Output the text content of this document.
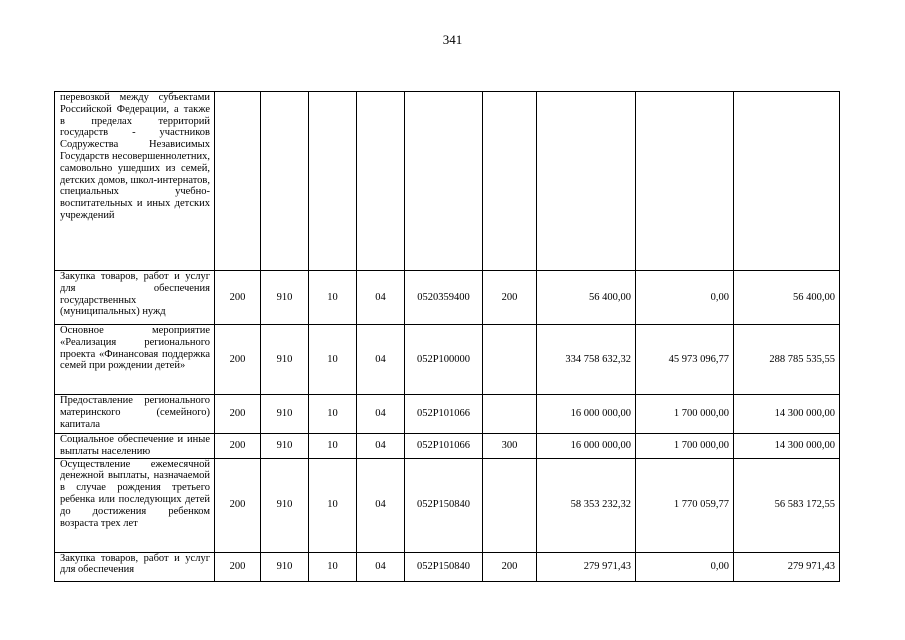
341
перевозкой между субъектами Российской Федерации, а также в пределах территорий государств - участников Содружества Независимых Государств несовершеннолетних, самовольно ушедших из семей, детских домов, школ-интернатов, специальных учебно-воспитательных и иных детских учреждений									
Закупка товаров, работ и услуг для обеспечения государственных (муниципальных) нужд	200	910	10	04	0520359400	200	56 400,00	0,00	56 400,00
Основное мероприятие «Реализация регионального проекта «Финансовая поддержка семей при рождении детей»	200	910	10	04	052P100000		334 758 632,32	45 973 096,77	288 785 535,55
Предоставление регионального материнского (семейного) капитала	200	910	10	04	052P101066		16 000 000,00	1 700 000,00	14 300 000,00
Социальное обеспечение и иные выплаты населению	200	910	10	04	052P101066	300	16 000 000,00	1 700 000,00	14 300 000,00
Осуществление ежемесячной денежной выплаты, назначаемой в случае рождения третьего ребенка или последующих детей до достижения ребенком возраста трех лет	200	910	10	04	052P150840		58 353 232,32	1 770 059,77	56 583 172,55
Закупка товаров, работ и услуг для обеспечения	200	910	10	04	052P150840	200	279 971,43	0,00	279 971,43
